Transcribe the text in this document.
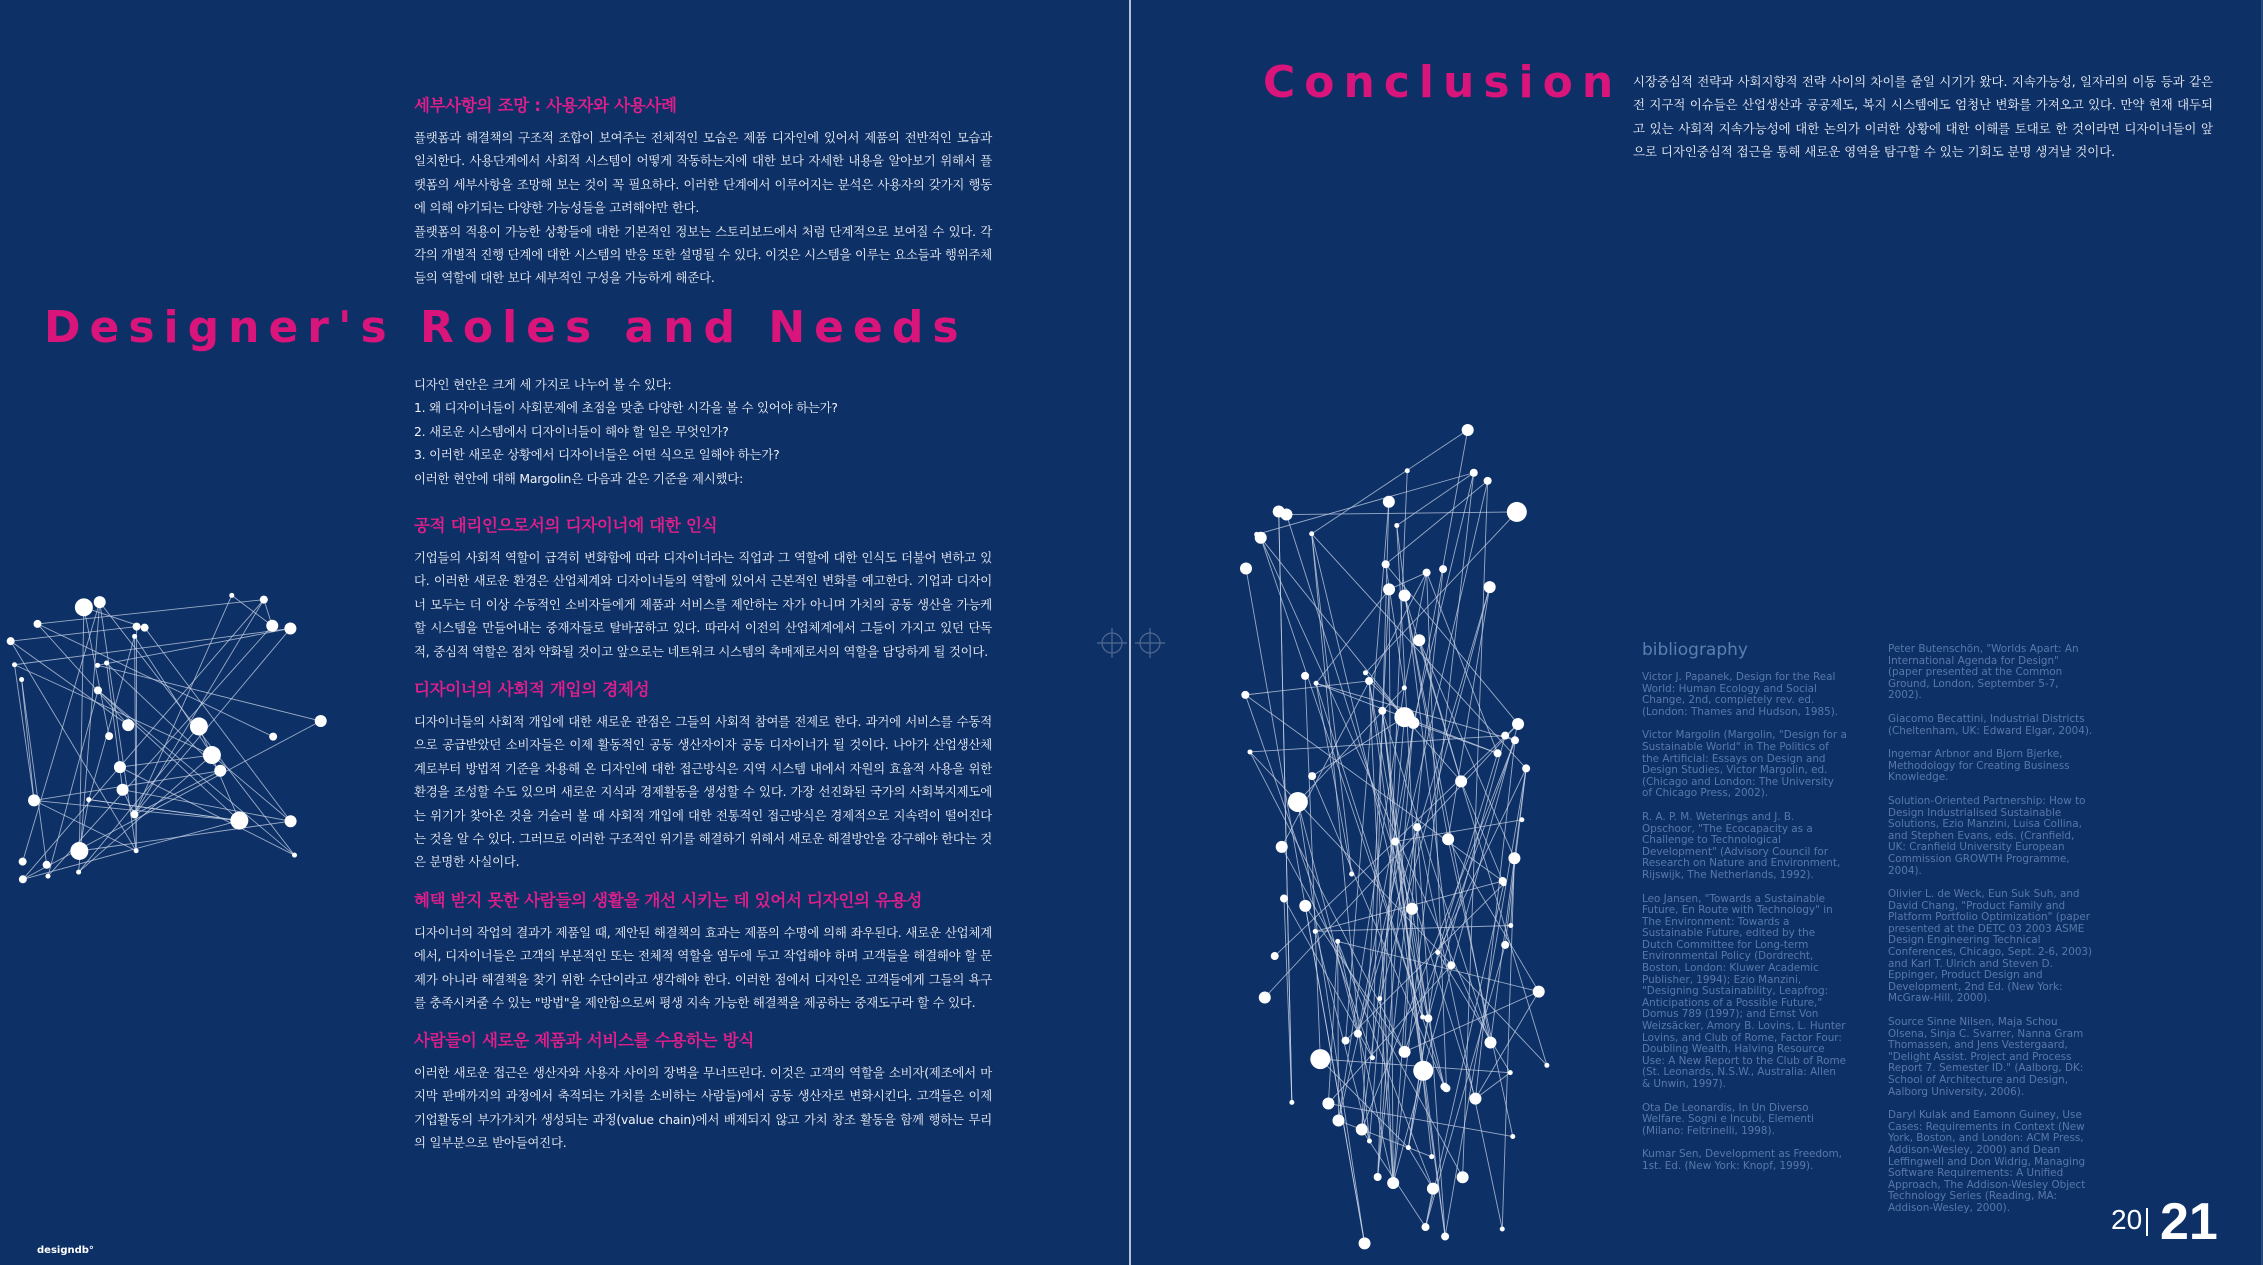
세부사항의 조망 : 사용자와 사용사례

플랫폼과 해결책의 구조적 조합이 보여주는 전체적인 모습은 제품 디자인에 있어서 제품의 전반적인 모습과 일치한다. 사용단계에서 사회적 시스템이 어떻게 작동하는지에 대한 보다 자세한 내용을 알아보기 위해서 플랫폼의 세부사항을 조망해 보는 것이 꼭 필요하다. 이러한 단계에서 이루어지는 분석은 사용자의 갖가지 행동에 의해 야기되는 다양한 가능성들을 고려해야만 한다.

플랫폼의 적용이 가능한 상황들에 대한 기본적인 정보는 스토리보드에서 처럼 단계적으로 보여질 수 있다. 각각의 개별적 진행 단계에 대한 시스템의 반응 또한 설명될 수 있다. 이것은 시스템을 이루는 요소들과 행위주체들의 역할에 대한 보다 세부적인 구성을 가능하게 해준다.

Designer's Roles and Needs

디자인 현안은 크게 세 가지로 나누어 볼 수 있다:

1. 왜 디자이너들이 사회문제에 초점을 맞춘 다양한 시각을 볼 수 있어야 하는가?

2. 새로운 시스템에서 디자이너들이 해야 할 일은 무엇인가?

3. 이러한 새로운 상황에서 디자이너들은 어떤 식으로 일해야 하는가?

이러한 현안에 대해 Margolin은 다음과 같은 기준을 제시했다:

공적 대리인으로서의 디자이너에 대한 인식

기업들의 사회적 역할이 급격히 변화함에 따라 디자이너라는 직업과 그 역할에 대한 인식도 더불어 변하고 있다. 이러한 새로운 환경은 산업체계와 디자이너들의 역할에 있어서 근본적인 변화를 예고한다. 기업과 디자이너 모두는 더 이상 수동적인 소비자들에게 제품과 서비스를 제안하는 자가 아니며 가치의 공동 생산을 가능케 할 시스템을 만들어내는 중재자들로 탈바꿈하고 있다. 따라서 이전의 산업체계에서 그들이 가지고 있던 단독적, 중심적 역할은 점차 약화될 것이고 앞으로는 네트워크 시스템의 촉매제로서의 역할을 담당하게 될 것이다.

디자이너의 사회적 개입의 경제성

디자이너들의 사회적 개입에 대한 새로운 관점은 그들의 사회적 참여를 전제로 한다. 과거에 서비스를 수동적으로 공급받았던 소비자들은 이제 활동적인 공동 생산자이자 공동 디자이너가 될 것이다. 나아가 산업생산체계로부터 방법적 기준을 차용해 온 디자인에 대한 접근방식은 지역 시스템 내에서 자원의 효율적 사용을 위한 환경을 조성할 수도 있으며 새로운 지식과 경제활동을 생성할 수 있다. 가장 선진화된 국가의 사회복지제도에는 위기가 찾아온 것을 거슬러 볼 때 사회적 개입에 대한 전통적인 접근방식은 경제적으로 지속력이 떨어진다는 것을 알 수 있다. 그러므로 이러한 구조적인 위기를 해결하기 위해서 새로운 해결방안을 강구해야 한다는 것은 분명한 사실이다.

혜택 받지 못한 사람들의 생활을 개선 시키는 데 있어서 디자인의 유용성

디자이너의 작업의 결과가 제품일 때, 제안된 해결책의 효과는 제품의 수명에 의해 좌우된다. 새로운 산업체계에서, 디자이너들은 고객의 부분적인 또는 전체적 역할을 염두에 두고 작업해야 하며 고객들을 해결해야 할 문제가 아니라 해결책을 찾기 위한 수단이라고 생각해야 한다. 이러한 점에서 디자인은 고객들에게 그들의 욕구를 충족시켜줄 수 있는 "방법"을 제안함으로써 평생 지속 가능한 해결책을 제공하는 중재도구라 할 수 있다.

사람들이 새로운 제품과 서비스를 수용하는 방식

이러한 새로운 접근은 생산자와 사용자 사이의 장벽을 무너뜨린다. 이것은 고객의 역할을 소비자(제조에서 마지막 판매까지의 과정에서 축적되는 가치를 소비하는 사람들)에서 공동 생산자로 변화시킨다. 고객들은 이제 기업활동의 부가가치가 생성되는 과정(value chain)에서 배제되지 않고 가치 창조 활동을 함께 행하는 무리의 일부분으로 받아들여진다.

designdb°
Conclusion 시장중심적 전략과 사회지향적 전략 사이의 차이를 줄일 시기가 왔다. 지속가능성, 일자리의 이동 등과 같은 전 지구적 이슈들은 산업생산과 공공제도, 복지 시스템에도 엄청난 변화를 가져오고 있다. 만약 현재 대두되고 있는 사회적 지속가능성에 대한 논의가 이러한 상황에 대한 이해를 토대로 한 것이라면 디자이너들이 앞으로 디자인중심적 접근을 통해 새로운 영역을 탐구할 수 있는 기회도 분명 생겨날 것이다.

bibliography

Victor J. Papanek, Design for the Real World: Human Ecology and Social Change, 2nd, completely rev. ed. (London: Thames and Hudson, 1985).

Victor Margolin (Margolin, "Design for a Sustainable World" in The Politics of the Artificial: Essays on Design and Design Studies, Victor Margolin, ed. (Chicago and London: The University of Chicago Press, 2002).

R. A. P. M. Weterings and J. B. Opschoor, "The Ecocapacity as a Challenge to Technological Development" (Advisory Council for Research on Nature and Environment, Rijswijk, The Netherlands, 1992).

Leo Jansen, "Towards a Sustainable Future, En Route with Technology" in The Environment: Towards a Sustainable Future, edited by the Dutch Committee for Long-term Environmental Policy (Dordrecht, Boston, London: Kluwer Academic Publisher, 1994); Ezio Manzini, "Designing Sustainability, Leapfrog: Anticipations of a Possible Future," Domus 789 (1997); and Ernst Von Weizsäcker, Amory B. Lovins, L. Hunter Lovins, and Club of Rome, Factor Four: Doubling Wealth, Halving Resource Use: A New Report to the Club of Rome (St. Leonards, N.S.W., Australia: Allen & Unwin, 1997).

Ota De Leonardis, In Un Diverso Welfare. Sogni e Incubi, Elementi (Milano: Feltrinelli, 1998).

Kumar Sen, Development as Freedom, 1st. Ed. (New York: Knopf, 1999).

Peter Butenschön, "Worlds Apart: An International Agenda for Design" (paper presented at the Common Ground, London, September 5-7, 2002).

Giacomo Becattini, Industrial Districts (Cheltenham, UK: Edward Elgar, 2004).

Ingemar Arbnor and Bjorn Bjerke, Methodology for Creating Business Knowledge.

Solution-Oriented Partnership: How to Design Industrialised Sustainable Solutions, Ezio Manzini, Luisa Collina, and Stephen Evans, eds. (Cranfield, UK: Cranfield University European Commission GROWTH Programme, 2004).

Olivier L. de Weck, Eun Suk Suh, and David Chang, "Product Family and Platform Portfolio Optimization" (paper presented at the DETC 03 2003 ASME Design Engineering Technical Conferences, Chicago, Sept. 2-6, 2003) and Karl T. Ulrich and Steven D. Eppinger, Product Design and Development, 2nd Ed. (New York: McGraw-Hill, 2000).

Source Sinne Nilsen, Maja Schou Olsena, Sinja C. Svarrer, Nanna Gram Thomassen, and Jens Vestergaard, "Delight Assist. Project and Process Report 7. Semester ID." (Aalborg, DK: School of Architecture and Design, Aalborg University, 2006).

Daryl Kulak and Eamonn Guiney, Use Cases: Requirements in Context (New York, Boston, and London: ACM Press, Addison-Wesley, 2000) and Dean Leffingwell and Don Widrig, Managing Software Requirements: A Unified Approach, The Addison-Wesley Object Technology Series (Reading, MA: Addison-Wesley, 2000).	20 21
